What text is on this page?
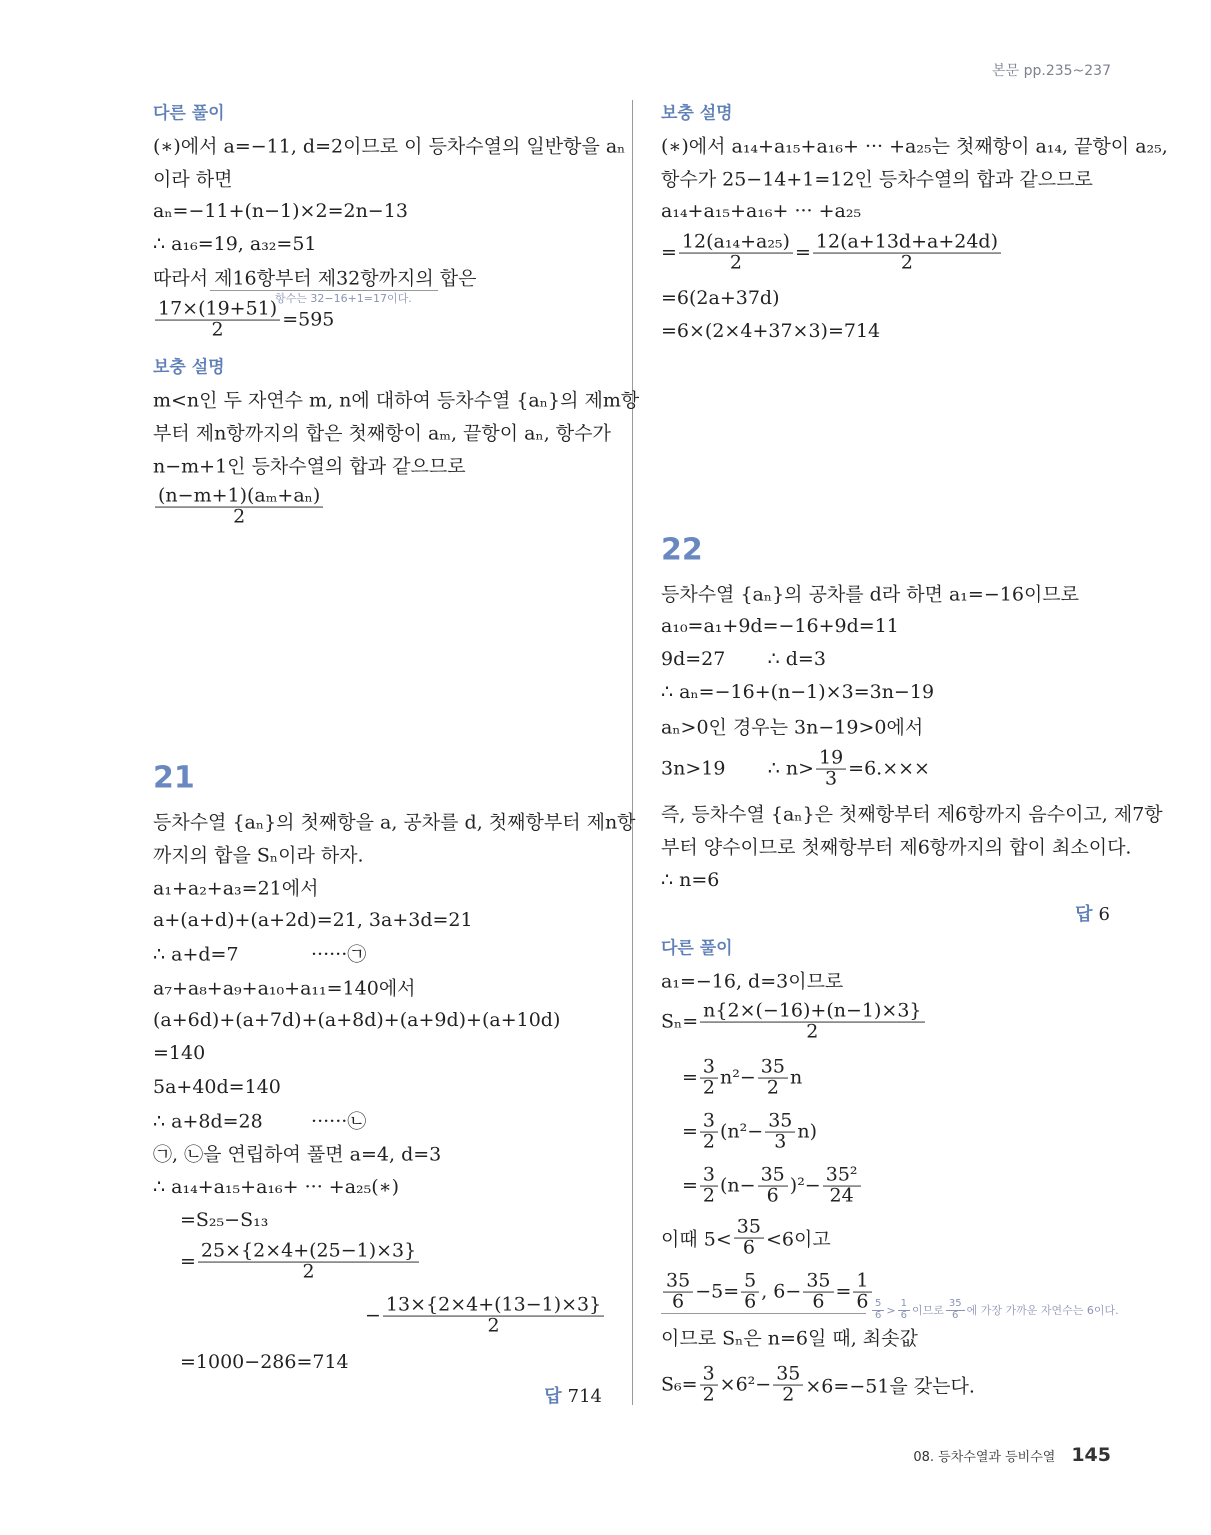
본문 pp.235~237
다른 풀이
보충 설명
21
답 714
보충 설명
22
답 6
다른 풀이
항수는 32−16+1=17이다.
$\frac{5}{6} > \frac{1}{6}$ 이므로 $\frac{35}{6}$ 에 가장 가까운 자연수는 6이다.
08. 등차수열과 등비수열 145
(∗)에서 a=−11, d=2이므로 이 등차수열의 일반항을 aₙ
이라 하면
aₙ=−11+(n−1)×2=2n−13
∴ a₁₆=19, a₃₂=51
따라서 제16항부터 제32항까지의 합은
$\frac{17\times(19+51)}{2} =595$
m<n인 두 자연수 m, n에 대하여 등차수열 {aₙ}의 제m항
부터 제n항까지의 합은 첫째항이 aₘ, 끝항이 aₙ, 항수가
n−m+1인 등차수열의 합과 같으므로
$\frac{\text{(n−m+1)(aₘ+aₙ)}}{2}$
등차수열 {aₙ}의 첫째항을 a, 공차를 d, 첫째항부터 제n항
까지의 합을 Sₙ이라 하자.
a₁+a₂+a₃=21에서
a+(a+d)+(a+2d)=21, 3a+3d=21
∴ a+d=7            ······㉠
a₇+a₈+a₉+a₁₀+a₁₁=140에서
(a+6d)+(a+7d)+(a+8d)+(a+9d)+(a+10d)
=140
5a+40d=140
∴ a+8d=28        ······㉡
㉠, ㉡을 연립하여 풀면 a=4, d=3
∴ a₁₄+a₁₅+a₁₆+ ··· +a₂₅(∗)
=S₂₅−S₁₃
= $\frac{25\times\{2\times 4+(25-1)\times 3\}}{2}$
− $\frac{13\times\{2\times 4+(13-1)\times 3\}}{2}$
=1000−286=714
(∗)에서 a₁₄+a₁₅+a₁₆+ ··· +a₂₅는 첫째항이 a₁₄, 끝항이 a₂₅,
항수가 25−14+1=12인 등차수열의 합과 같으므로
a₁₄+a₁₅+a₁₆+ ··· +a₂₅
= $\frac{\text{12(a₁₄+a₂₅)}}{2} = \frac{12(a+13d+a+24d)}{2}$
=6(2a+37d)
=6×(2×4+37×3)=714
등차수열 {aₙ}의 공차를 d라 하면 a₁=−16이므로
a₁₀=a₁+9d=−16+9d=11
9d=27       ∴ d=3
∴ aₙ=−16+(n−1)×3=3n−19
aₙ>0인 경우는 3n−19>0에서
3n>19       ∴ $n> \frac{19}{3} =6.\times\times\times$
즉, 등차수열 {aₙ}은 첫째항부터 제6항까지 음수이고, 제7항
부터 양수이므로 첫째항부터 제6항까지의 합이 최소이다.
∴ n=6
a₁=−16, d=3이므로
$S_n= \frac{n\{2\times(-16)+(n-1)\times 3\}}{2}$
= $\frac{3}{2} n^2- \frac{35}{2}$ n
= $\frac{3}{2} (n^2- \frac{35}{3} n)$
= $\frac{3}{2} (n- \frac{35}{6} )^2- \frac{\text{35²}}{24}$
이때 $5< \frac{35}{6} <6$이고
$\frac{35}{6} -5= \frac{5}{6}$ , $6- \frac{35}{6} = \frac{1}{6}$
이므로 Sₙ은 n=6일 때, 최솟값
$S_6= \frac{3}{2} \times 6^2- \frac{35}{2} \times 6=-51$을 갖는다.
